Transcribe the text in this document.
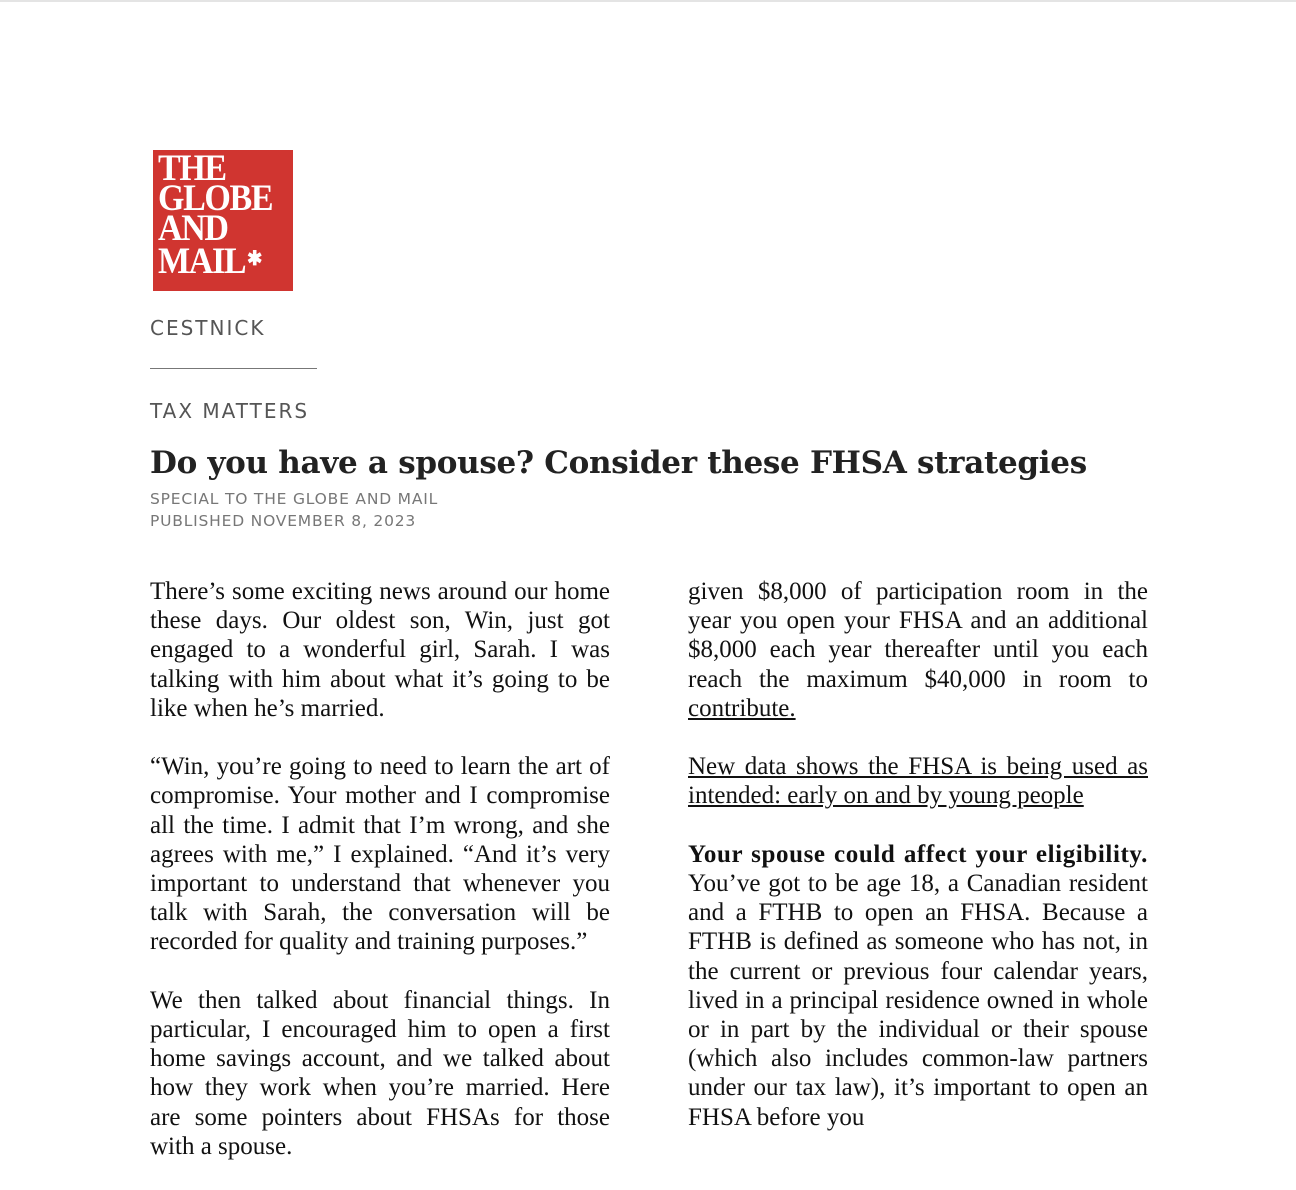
THE
GLOBE
AND
MAIL✱
CESTNICK
TAX MATTERS
Do you have a spouse? Consider these FHSA strategies
SPECIAL TO THE GLOBE AND MAIL
PUBLISHED NOVEMBER 8, 2023

There’s some exciting news around our home these days. Our oldest son, Win, just got engaged to a wonderful girl, Sarah. I was talking with him about what it’s going to be like when he’s married.

“Win, you’re going to need to learn the art of compromise. Your mother and I compromise all the time. I admit that I’m wrong, and she agrees with me,” I explained. “And it’s very important to understand that whenever you talk with Sarah, the conversation will be recorded for quality and training purposes.”

We then talked about financial things. In particular, I encouraged him to open a first home savings account, and we talked about how they work when you’re married. Here are some pointers about FHSAs for those with a spouse.

given $8,000 of participation room in the year you open your FHSA and an additional $8,000 each year thereafter until you each reach the maximum $40,000 in room to contribute.

New data shows the FHSA is being used as intended: early on and by young people

Your spouse could affect your eligibility. You’ve got to be age 18, a Canadian resident and a FTHB to open an FHSA. Because a FTHB is defined as someone who has not, in the current or previous four calendar years, lived in a principal residence owned in whole or in part by the individual or their spouse (which also includes common-law partners under our tax law), it’s important to open an FHSA before you
